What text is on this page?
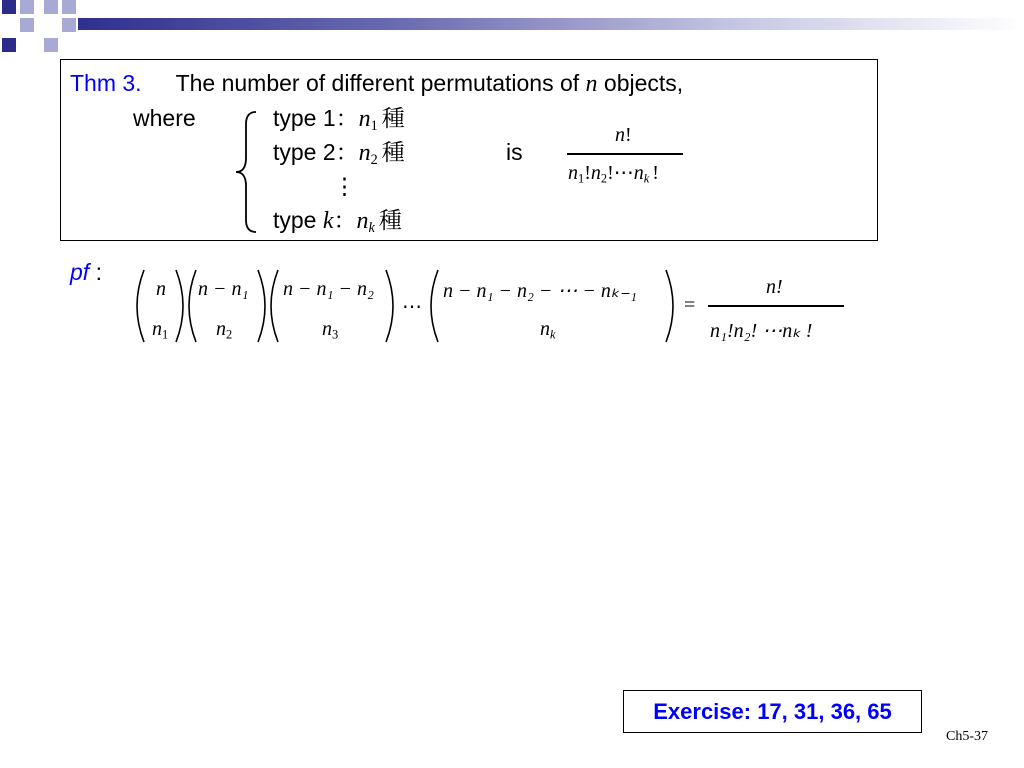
Thm 3. The number of different permutations of n objects,
where	type 1：$n_1$ 種
type 2：$n_2$ 種
⋮
type k：$n_k$ 種
is
n!
$n_1!n_2!\cdots n_k$ !
pf :
n
$n_1$
n − n₁
$n_2$
n − n₁ − n₂
$n_3$
⋯
n − n₁ − n₂ − ⋯ − nₖ₋₁
$n_k$
=
n!
n₁!n₂! ⋯nₖ !
Exercise: 17, 31, 36, 65
Ch5-37
